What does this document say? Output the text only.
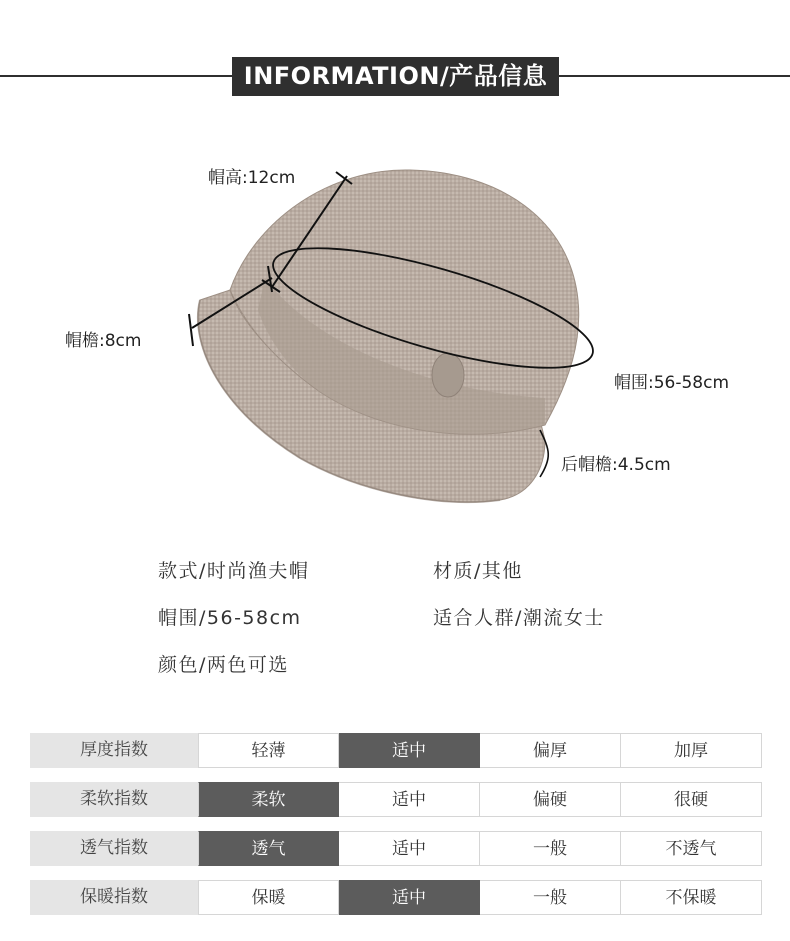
INFORMATION/产品信息
帽高:12cm
帽檐:8cm
帽围:56-58cm
后帽檐:4.5cm
款式/时尚渔夫帽	材质/其他
帽围/56-58cm	适合人群/潮流女士
颜色/两色可选
厚度指数	轻薄	适中	偏厚	加厚
柔软指数	柔软	适中	偏硬	很硬
透气指数	透气	适中	一般	不透气
保暖指数	保暖	适中	一般	不保暖
